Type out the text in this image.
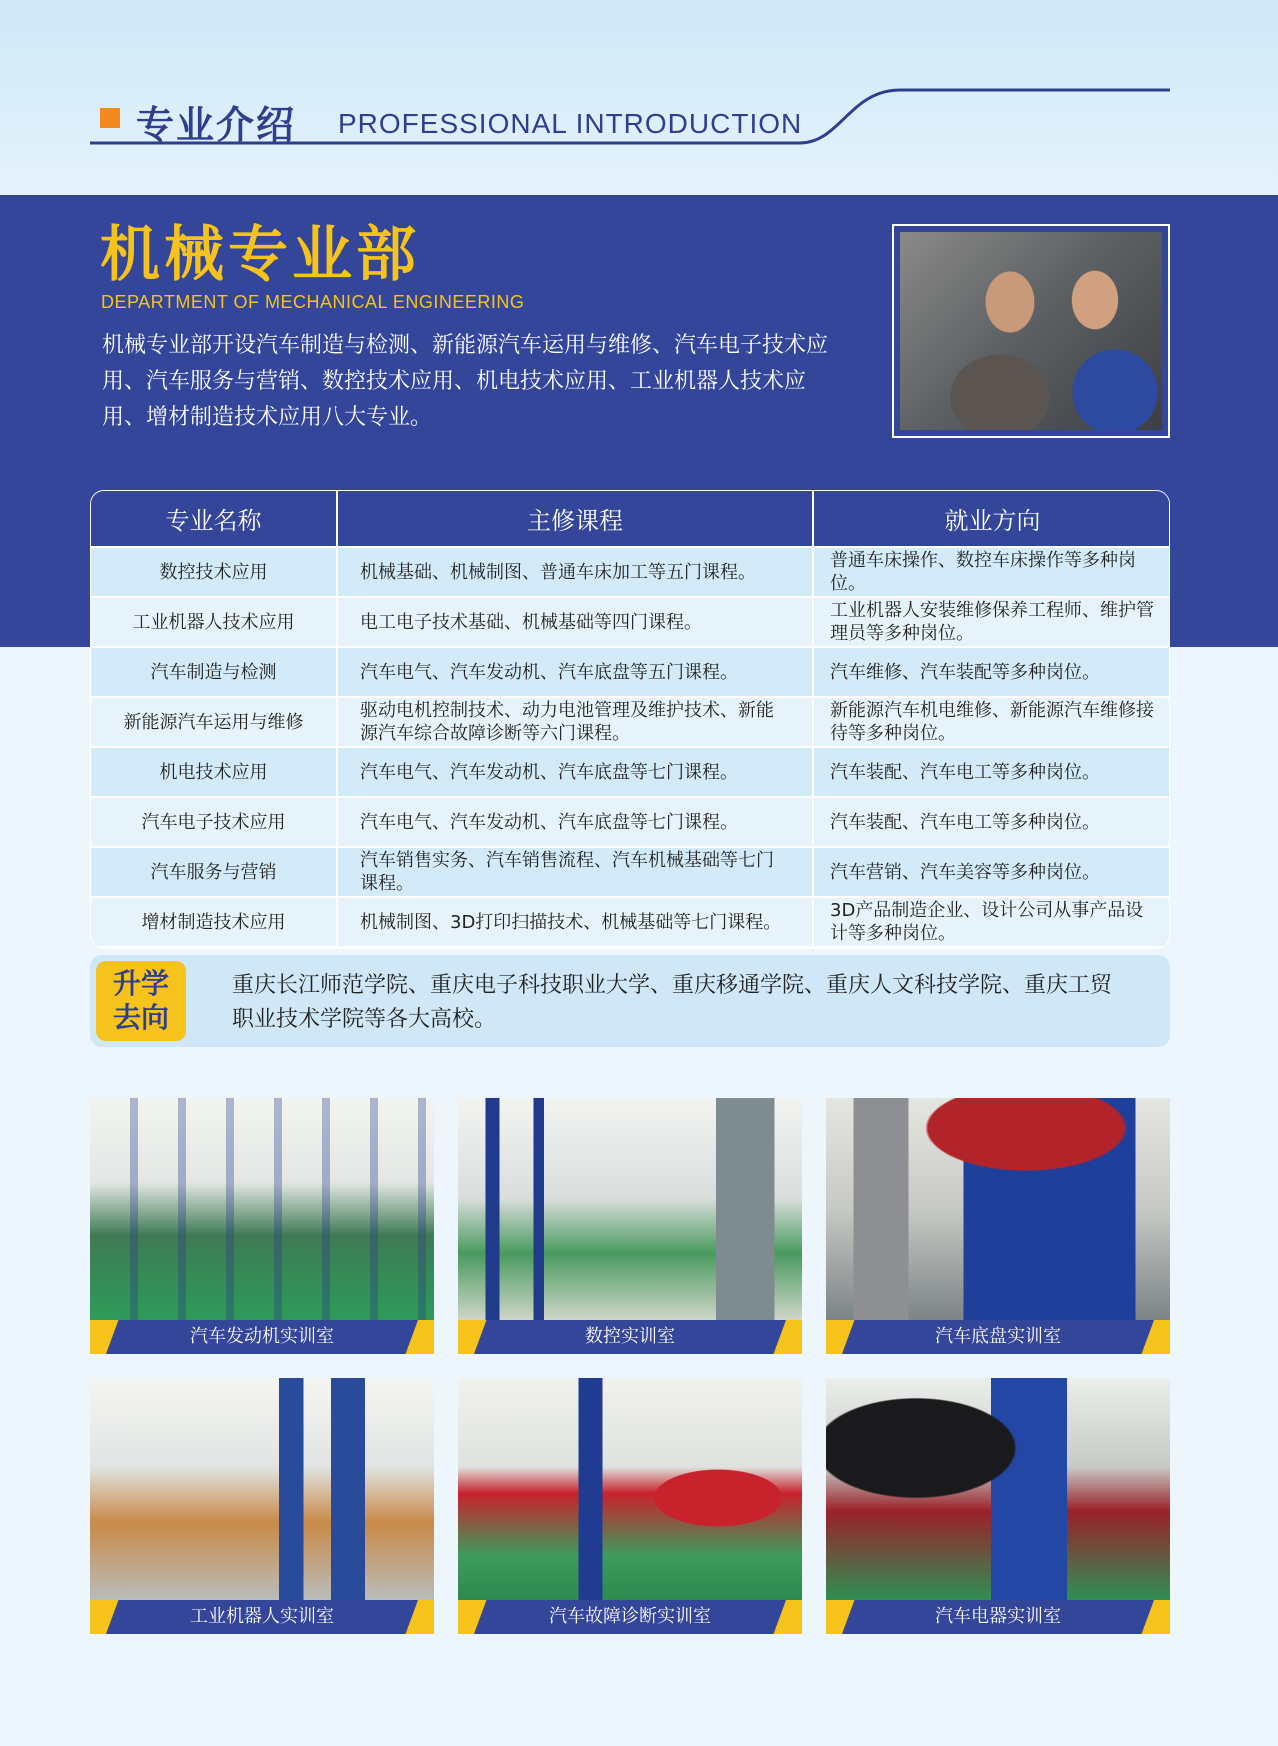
专业介绍 PROFESSIONAL INTRODUCTION
机械专业部
DEPARTMENT OF MECHANICAL ENGINEERING
机械专业部开设汽车制造与检测、新能源汽车运用与维修、汽车电子技术应用、汽车服务与营销、数控技术应用、机电技术应用、工业机器人技术应用、增材制造技术应用八大专业。
专业名称	主修课程	就业方向
数控技术应用	机械基础、机械制图、普通车床加工等五门课程。	普通车床操作、数控车床操作等多种岗位。
工业机器人技术应用	电工电子技术基础、机械基础等四门课程。	工业机器人安装维修保养工程师、维护管理员等多种岗位。
汽车制造与检测	汽车电气、汽车发动机、汽车底盘等五门课程。	汽车维修、汽车装配等多种岗位。
新能源汽车运用与维修	驱动电机控制技术、动力电池管理及维护技术、新能源汽车综合故障诊断等六门课程。	新能源汽车机电维修、新能源汽车维修接待等多种岗位。
机电技术应用	汽车电气、汽车发动机、汽车底盘等七门课程。	汽车装配、汽车电工等多种岗位。
汽车电子技术应用	汽车电气、汽车发动机、汽车底盘等七门课程。	汽车装配、汽车电工等多种岗位。
汽车服务与营销	汽车销售实务、汽车销售流程、汽车机械基础等七门课程。	汽车营销、汽车美容等多种岗位。
增材制造技术应用	机械制图、3D打印扫描技术、机械基础等七门课程。	3D产品制造企业、设计公司从事产品设计等多种岗位。
升学
去向
重庆长江师范学院、重庆电子科技职业大学、重庆移通学院、重庆人文科技学院、重庆工贸职业技术学院等各大高校。
汽车发动机实训室	数控实训室	汽车底盘实训室
工业机器人实训室	汽车故障诊断实训室	汽车电器实训室
